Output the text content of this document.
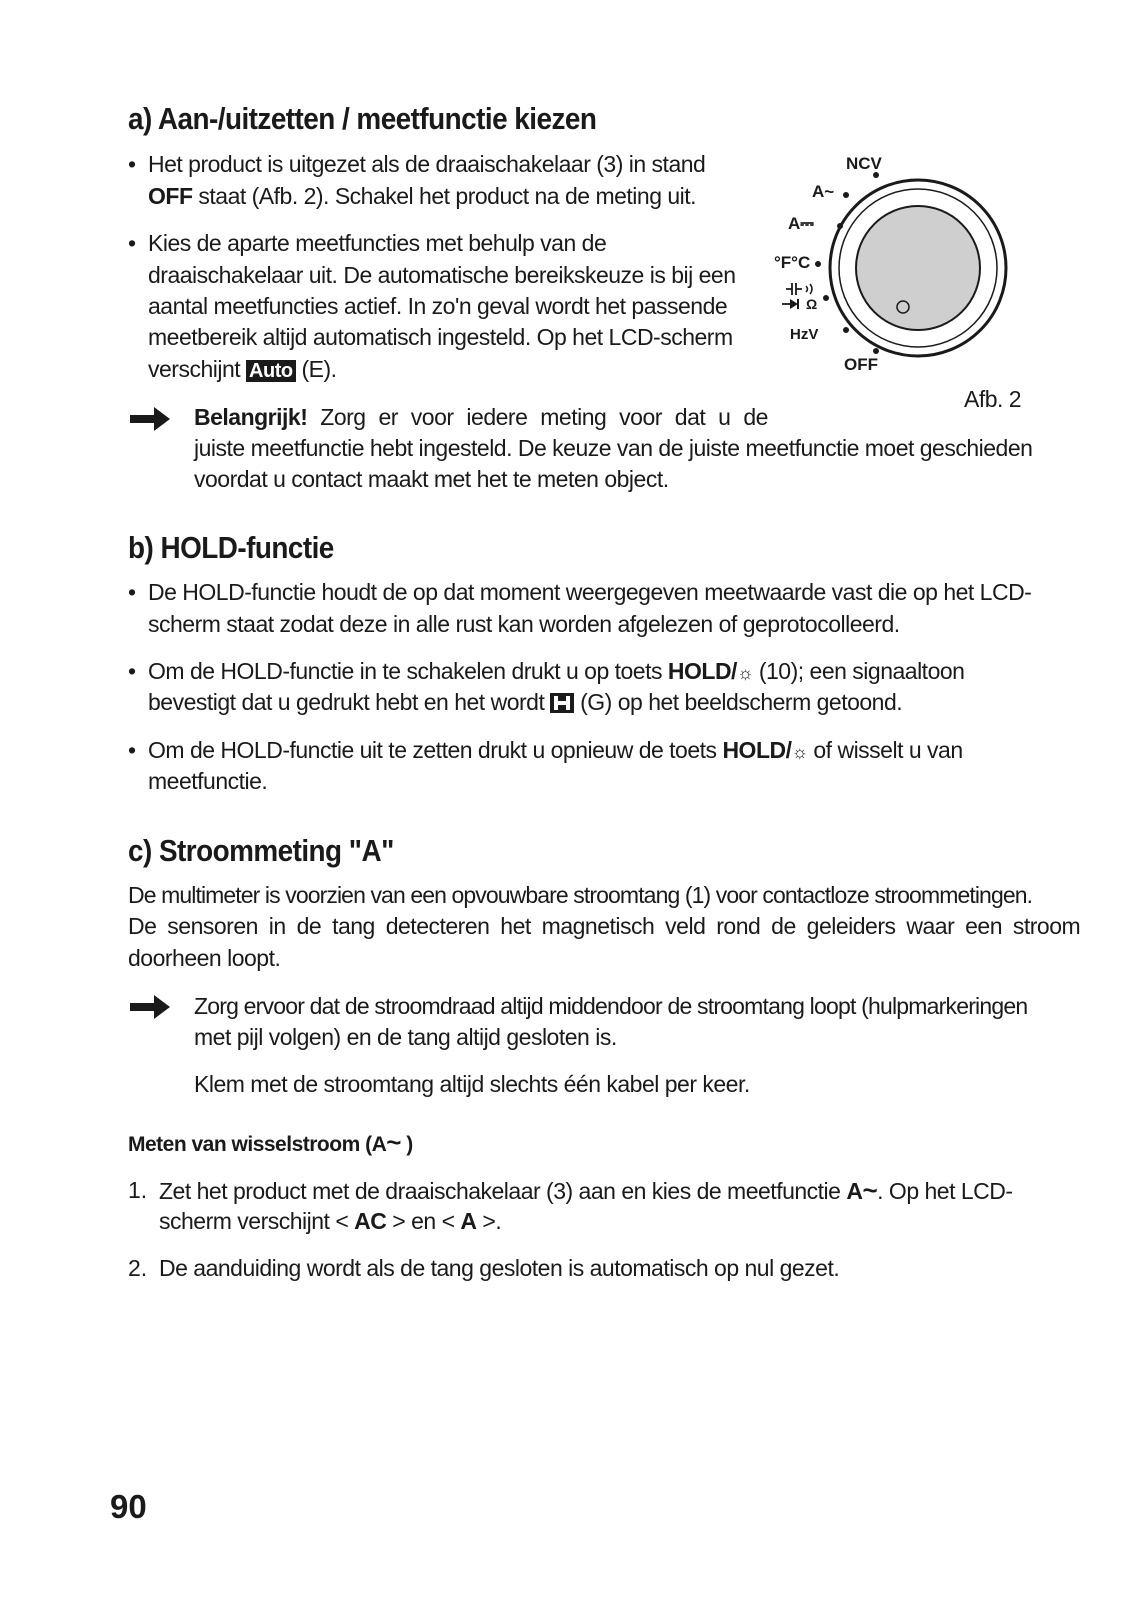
a) Aan-/uitzetten / meetfunctie kiezen
• Het product is uitgezet als de draaischakelaar (3) in stand
OFF staat (Afb. 2). Schakel het product na de meting uit.
• Kies de aparte meetfuncties met behulp van de
draaischakelaar uit. De automatische bereikskeuze is bij een
aantal meetfuncties actief. In zo'n geval wordt het passende
meetbereik altijd automatisch ingesteld. Op het LCD-scherm
verschijnt Auto (E).
Belangrijk! Zorg er voor iedere meting voor dat u de
juiste meetfunctie hebt ingesteld. De keuze van de juiste meetfunctie moet geschieden
voordat u contact maakt met het te meten object.
NCV
A~
A⎓
°F°C
Ω
HzV
OFF
Afb. 2
b) HOLD-functie
• De HOLD-functie houdt de op dat moment weergegeven meetwaarde vast die op het LCD-
scherm staat zodat deze in alle rust kan worden afgelezen of geprotocolleerd.
• Om de HOLD-functie in te schakelen drukt u op toets HOLD/☼ (10); een signaaltoon
bevestigt dat u gedrukt hebt en het wordt  (G) op het beeldscherm getoond.
• Om de HOLD-functie uit te zetten drukt u opnieuw de toets HOLD/☼ of wisselt u van
meetfunctie.
c) Stroommeting "A"
De multimeter is voorzien van een opvouwbare stroomtang (1) voor contactloze stroommetingen.
De sensoren in de tang detecteren het magnetisch veld rond de geleiders waar een stroom
doorheen loopt.
Zorg ervoor dat de stroomdraad altijd middendoor de stroomtang loopt (hulpmarkeringen
met pijl volgen) en de tang altijd gesloten is.
Klem met de stroomtang altijd slechts één kabel per keer.
Meten van wisselstroom (A~ )
1. Zet het product met de draaischakelaar (3) aan en kies de meetfunctie A~. Op het LCD-
scherm verschijnt < AC > en < A >.
2. De aanduiding wordt als de tang gesloten is automatisch op nul gezet.
90
